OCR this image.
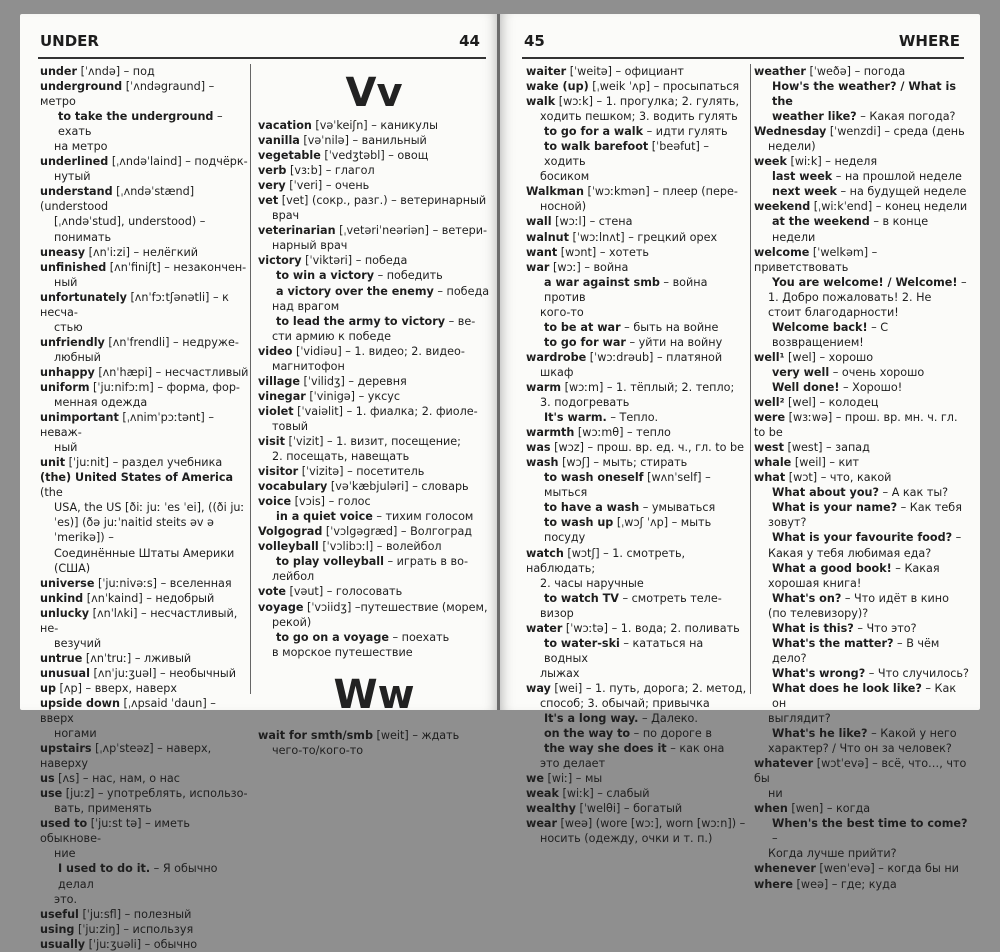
UNDER	44
under [ˈʌndə] – под
underground [ˈʌndəgraund] – метро
to take the underground – ехать
на метро
underlined [ˌʌndəˈlaind] – подчёрк-
нутый
understand [ˌʌndəˈstænd] (understood
[ˌʌndəˈstud], understood) – понимать
uneasy [ʌnˈiːzi] – нелёгкий
unfinished [ʌnˈfiniʃt] – незакончен-
ный
unfortunately [ʌnˈfɔːtʃənətli] – к несча-
стью
unfriendly [ʌnˈfrendli] – недруже-
любный
unhappy [ʌnˈhæpi] – несчастливый
uniform [ˈjuːnifɔːm] – форма, фор-
менная одежда
unimportant [ˌʌnimˈpɔːtənt] – неваж-
ный
unit [ˈjuːnit] – раздел учебника
(the) United States of America (the
USA, the US [ðiː juː ˈes ˈei], ((ði juː
ˈes)] (ðə juːˈnaitid steits əv əˈmerikə]) –
Соединённые Штаты Америки
(США)
universe [ˈjuːnivəːs] – вселенная
unkind [ʌnˈkaind] – недобрый
unlucky [ʌnˈlʌki] – несчастливый, не-
везучий
untrue [ʌnˈtruː] – лживый
unusual [ʌnˈjuːʒuəl] – необычный
up [ʌp] – вверх, наверх
upside down [ˌʌpsaid ˈdaun] – вверх
ногами
upstairs [ˌʌpˈsteəz] – наверх, наверху
us [ʌs] – нас, нам, о нас
use [juːz] – употреблять, использо-
вать, применять
used to [ˈjuːst tə] – иметь обыкнове-
ние
I used to do it. – Я обычно делал
это.
useful [ˈjuːsfl] – полезный
using [ˈjuːziŋ] – используя
usually [ˈjuːʒuəli] – обычно
Vv
vacation [vəˈkeiʃn] – каникулы
vanilla [vəˈnilə] – ванильный
vegetable [ˈvedʒtəbl] – овощ
verb [vɜːb] – глагол
very [ˈveri] – очень
vet [vet] (сокр., разг.) – ветеринарный
врач
veterinarian [ˌvetəriˈneəriən] – ветери-
нарный врач
victory [ˈviktəri] – победа
to win a victory – победить
a victory over the enemy – победа
над врагом
to lead the army to victory – ве-
сти армию к победе
video [ˈvidiəu] – 1. видео; 2. видео-
магнитофон
village [ˈvilidʒ] – деревня
vinegar [ˈvinigə] – уксус
violet [ˈvaiəlit] – 1. фиалка; 2. фиоле-
товый
visit [ˈvizit] – 1. визит, посещение;
2. посещать, навещать
visitor [ˈvizitə] – посетитель
vocabulary [vəˈkæbjuləri] – словарь
voice [vɔis] – голос
in a quiet voice – тихим голосом
Volgograd [ˈvɔlgəgræd] – Волгоград
volleyball [ˈvɔlibɔːl] – волейбол
to play volleyball – играть в во-
лейбол
vote [vəut] – голосовать
voyage [ˈvɔiidʒ] –путешествие (морем,
рекой)
to go on a voyage – поехать
в морское путешествие
Ww
wait for smth/smb [weit] – ждать
чего-то/кого-то
45	WHERE
waiter [ˈweitə] – официант
wake (up) [ˌweik ˈʌp] – просыпаться
walk [wɔːk] – 1. прогулка; 2. гулять,
ходить пешком; 3. водить гулять
to go for a walk – идти гулять
to walk barefoot [ˈbeəfut] – ходить
босиком
Walkman [ˈwɔːkmən] – плеер (пере-
носной)
wall [wɔːl] – стена
walnut [ˈwɔːlnʌt] – грецкий орех
want [wɔnt] – хотеть
war [wɔː] – война
a war against smb – война против
кого-то
to be at war – быть на войне
to go for war – уйти на войну
wardrobe [ˈwɔːdrəub] – платяной
шкаф
warm [wɔːm] – 1. тёплый; 2. тепло;
3. подогревать
It's warm. – Тепло.
warmth [wɔːmθ] – тепло
was [wɔz] – прош. вр. ед. ч., гл. to be
wash [wɔʃ] – мыть; стирать
to wash oneself [wʌnˈself] – мыться
to have a wash – умываться
to wash up [ˌwɔʃ ˈʌp] – мыть посуду
watch [wɔtʃ] – 1. смотреть, наблюдать;
2. часы наручные
to watch TV – смотреть теле-
визор
water [ˈwɔːtə] – 1. вода; 2. поливать
to water-ski – кататься на водных
лыжах
way [wei] – 1. путь, дорога; 2. метод,
способ; 3. обычай; привычка
It's a long way. – Далеко.
on the way to – по дороге в
the way she does it – как она
это делает
we [wiː] – мы
weak [wiːk] – слабый
wealthy [ˈwelθi] – богатый
wear [weə] (wore [wɔː], worn [wɔːn]) –
носить (одежду, очки и т. п.)
weather [ˈweðə] – погода
How's the weather? / What is the
weather like? – Какая погода?
Wednesday [ˈwenzdi] – среда (день
недели)
week [wiːk] – неделя
last week – на прошлой неделе
next week – на будущей неделе
weekend [ˌwiːkˈend] – конец недели
at the weekend – в конце недели
welcome [ˈwelkəm] – приветствовать
You are welcome! / Welcome! –
1. Добро пожаловать! 2. Не
стоит благодарности!
Welcome back! – С возвращением!
well¹ [wel] – хорошо
very well – очень хорошо
Well done! – Хорошо!
well² [wel] – колодец
were [wɜːwə] – прош. вр. мн. ч. гл. to be
west [west] – запад
whale [weil] – кит
what [wɔt] – что, какой
What about you? – А как ты?
What is your name? – Как тебя
зовут?
What is your favourite food? –
Какая у тебя любимая еда?
What a good book! – Какая
хорошая книга!
What's on? – Что идёт в кино
(по телевизору)?
What is this? – Что это?
What's the matter? – В чём дело?
What's wrong? – Что случилось?
What does he look like? – Как он
выглядит?
What's he like? – Какой у него
характер? / Что он за человек?
whatever [wɔtˈevə] – всё, что…, что бы
ни
when [wen] – когда
When's the best time to come? –
Когда лучше прийти?
whenever [wenˈevə] – когда бы ни
where [weə] – где; куда
